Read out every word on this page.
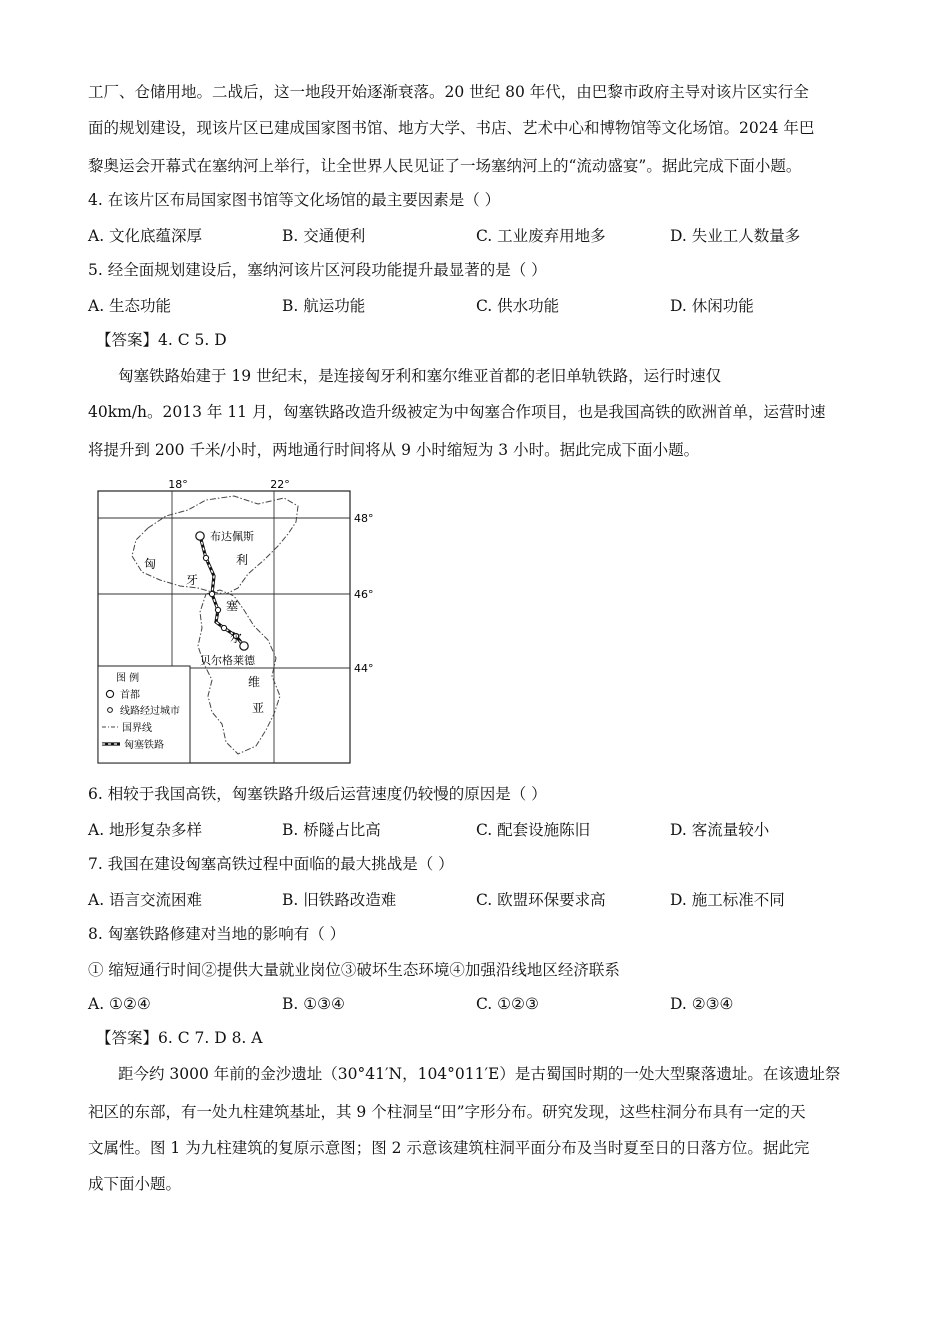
工厂、仓储用地。二战后，这一地段开始逐渐衰落。20 世纪 80 年代，由巴黎市政府主导对该片区实行全
面的规划建设，现该片区已建成国家图书馆、地方大学、书店、艺术中心和博物馆等文化场馆。2024 年巴
黎奥运会开幕式在塞纳河上举行，让全世界人民见证了一场塞纳河上的“流动盛宴”。据此完成下面小题。
4. 在该片区布局国家图书馆等文化场馆的最主要因素是（ ）
A. 文化底蕴深厚	B. 交通便利	C. 工业废弃用地多	D. 失业工人数量多
5. 经全面规划建设后，塞纳河该片区河段功能提升最显著的是（ ）
A. 生态功能	B. 航运功能	C. 供水功能	D. 休闲功能
【答案】4. C 5. D
匈塞铁路始建于 19 世纪末，是连接匈牙利和塞尔维亚首都的老旧单轨铁路，运行时速仅
40km/h。2013 年 11 月，匈塞铁路改造升级被定为中匈塞合作项目，也是我国高铁的欧洲首单，运营时速
将提升到 200 千米/小时，两地通行时间将从 9 小时缩短为 3 小时。据此完成下面小题。
18°	22°
48°
46°
44°
布达佩斯
贝尔格莱德
匈
牙
利
塞
尔
维
亚
图 例
首都
线路经过城市
国界线
匈塞铁路
6. 相较于我国高铁，匈塞铁路升级后运营速度仍较慢的原因是（ ）
A. 地形复杂多样	B. 桥隧占比高	C. 配套设施陈旧	D. 客流量较小
7. 我国在建设匈塞高铁过程中面临的最大挑战是（ ）
A. 语言交流困难	B. 旧铁路改造难	C. 欧盟环保要求高	D. 施工标准不同
8. 匈塞铁路修建对当地的影响有（ ）
① 缩短通行时间②提供大量就业岗位③破坏生态环境④加强沿线地区经济联系
A. ①②④	B. ①③④	C. ①②③	D. ②③④
【答案】6. C 7. D 8. A
距今约 3000 年前的金沙遗址（30°41′N，104°011′E）是古蜀国时期的一处大型聚落遗址。在该遗址祭
祀区的东部，有一处九柱建筑基址，其 9 个柱洞呈“田”字形分布。研究发现，这些柱洞分布具有一定的天
文属性。图 1 为九柱建筑的复原示意图；图 2 示意该建筑柱洞平面分布及当时夏至日的日落方位。据此完
成下面小题。
